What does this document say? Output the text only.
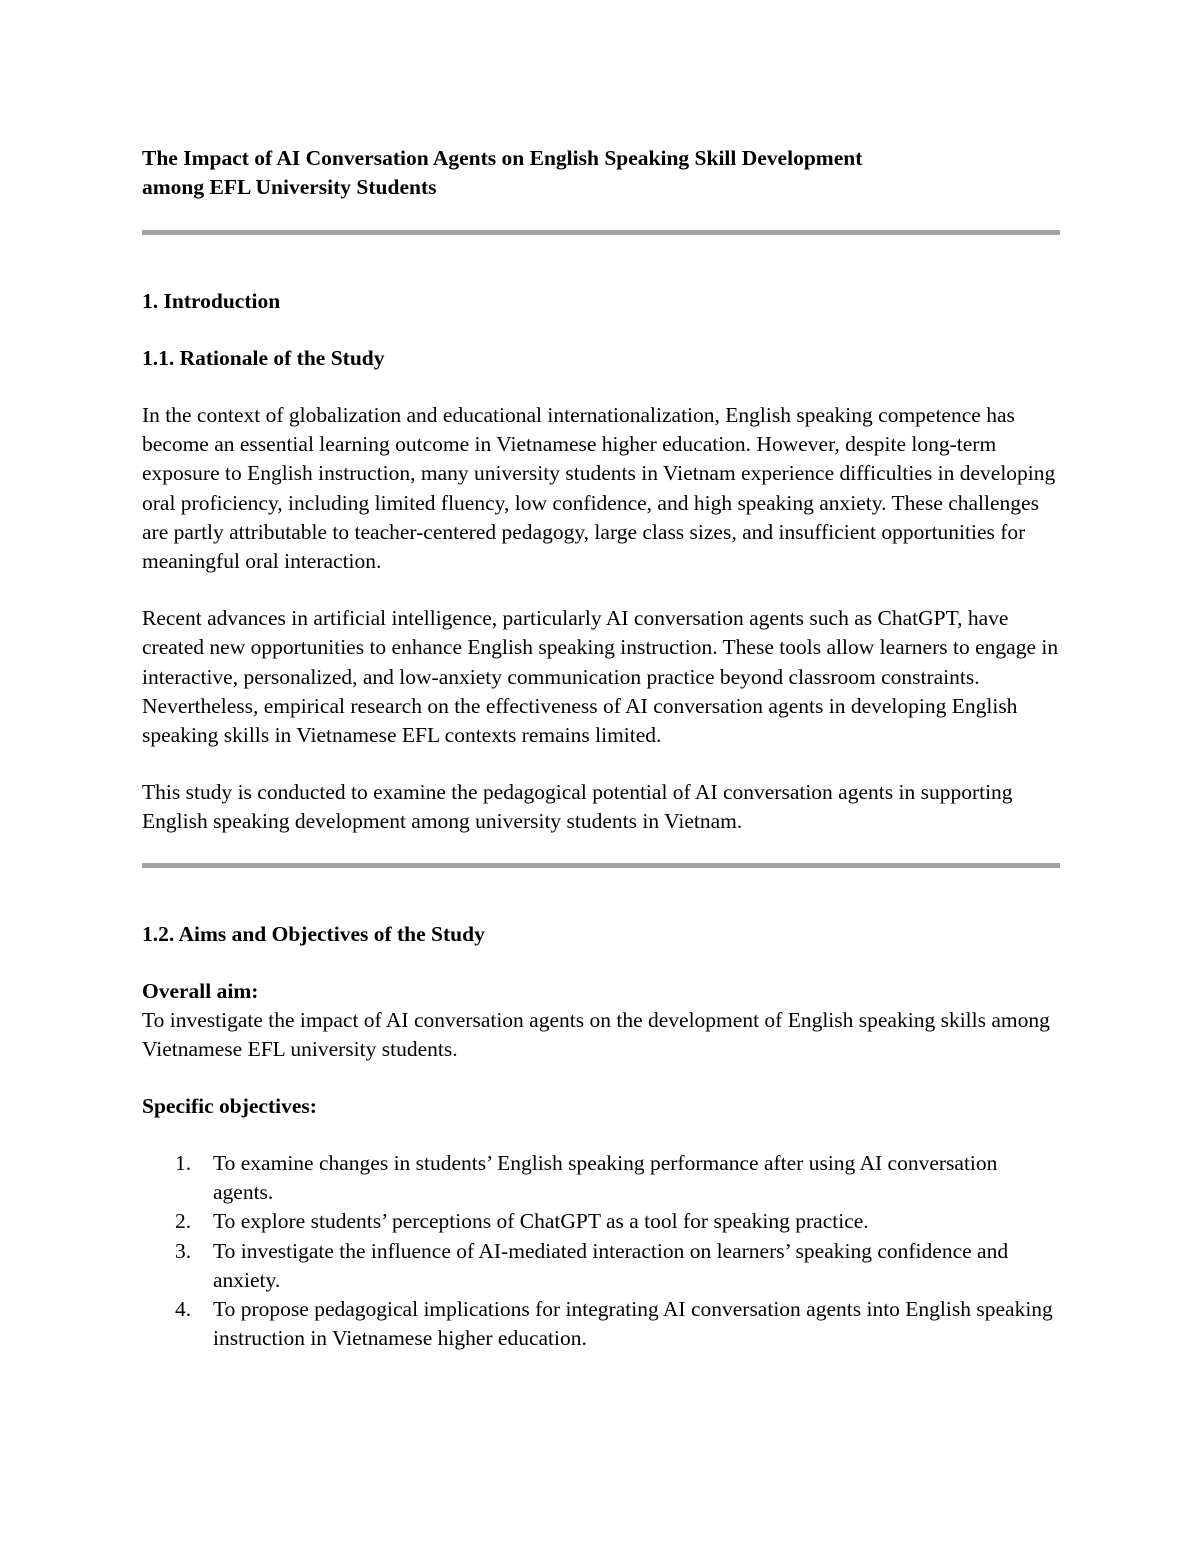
The Impact of AI Conversation Agents on English Speaking Skill Development
among EFL University Students

1. Introduction

1.1. Rationale of the Study

In the context of globalization and educational internationalization, English speaking competence has become an essential learning outcome in Vietnamese higher education. However, despite long-term exposure to English instruction, many university students in Vietnam experience difficulties in developing oral proficiency, including limited fluency, low confidence, and high speaking anxiety. These challenges are partly attributable to teacher-centered pedagogy, large class sizes, and insufficient opportunities for meaningful oral interaction.

Recent advances in artificial intelligence, particularly AI conversation agents such as ChatGPT, have created new opportunities to enhance English speaking instruction. These tools allow learners to engage in interactive, personalized, and low-anxiety communication practice beyond classroom constraints. Nevertheless, empirical research on the effectiveness of AI conversation agents in developing English speaking skills in Vietnamese EFL contexts remains limited.

This study is conducted to examine the pedagogical potential of AI conversation agents in supporting English speaking development among university students in Vietnam.

1.2. Aims and Objectives of the Study

Overall aim:

To investigate the impact of AI conversation agents on the development of English speaking skills among Vietnamese EFL university students.

Specific objectives:

1. To examine changes in students’ English speaking performance after using AI conversation agents.
2. To explore students’ perceptions of ChatGPT as a tool for speaking practice.
3. To investigate the influence of AI-mediated interaction on learners’ speaking confidence and anxiety.
4. To propose pedagogical implications for integrating AI conversation agents into English speaking instruction in Vietnamese higher education.
